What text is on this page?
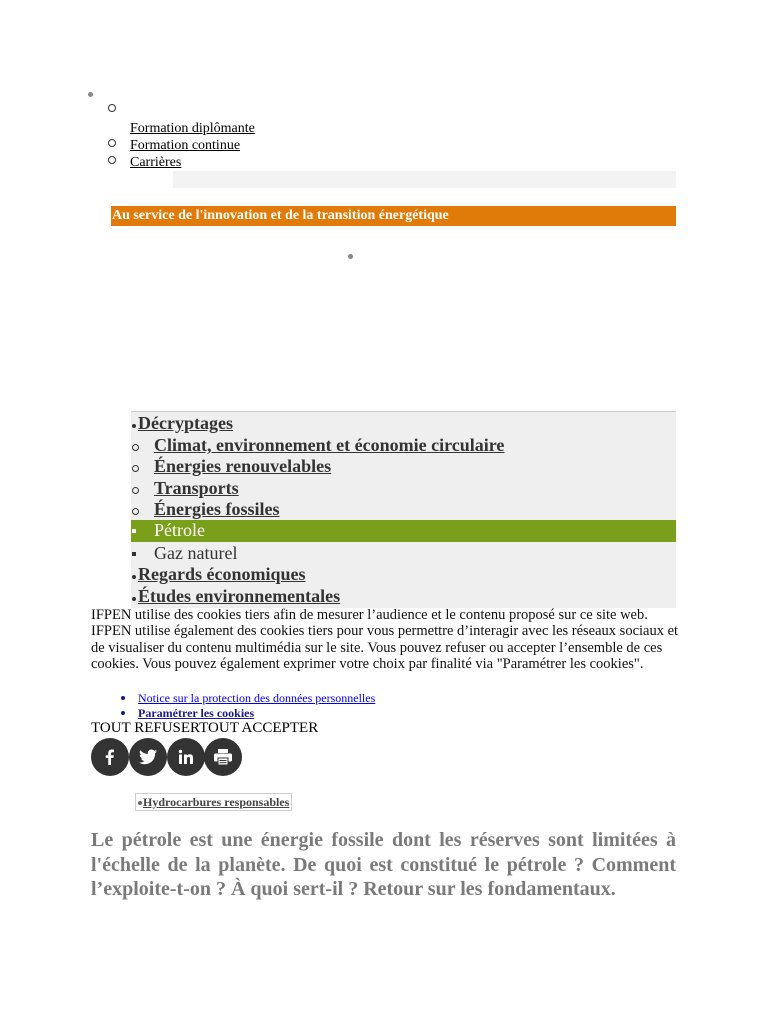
Formation diplômante
Formation continue
Carrières
Au service de l'innovation et de la transition énergétique
Décryptages
Climat, environnement et économie circulaire
Énergies renouvelables
Transports
Énergies fossiles
Pétrole
Gaz naturel
Regards économiques
Études environnementales
IFPEN utilise des cookies tiers afin de mesurer l’audience et le contenu proposé sur ce site web. IFPEN utilise également des cookies tiers pour vous permettre d’interagir avec les réseaux sociaux et de visualiser du contenu multimédia sur le site. Vous pouvez refuser ou accepter l’ensemble de ces cookies. Vous pouvez également exprimer votre choix par finalité via "Paramétrer les cookies".
Notice sur la protection des données personnelles
Paramétrer les cookies
TOUT REFUSERTOUT ACCEPTER
Hydrocarbures responsables
Le pétrole est une énergie fossile dont les réserves sont limitées à l'échelle de la planète. De quoi est constitué le pétrole ? Comment l’exploite-t-on ? À quoi sert-il ? Retour sur les fondamentaux.
